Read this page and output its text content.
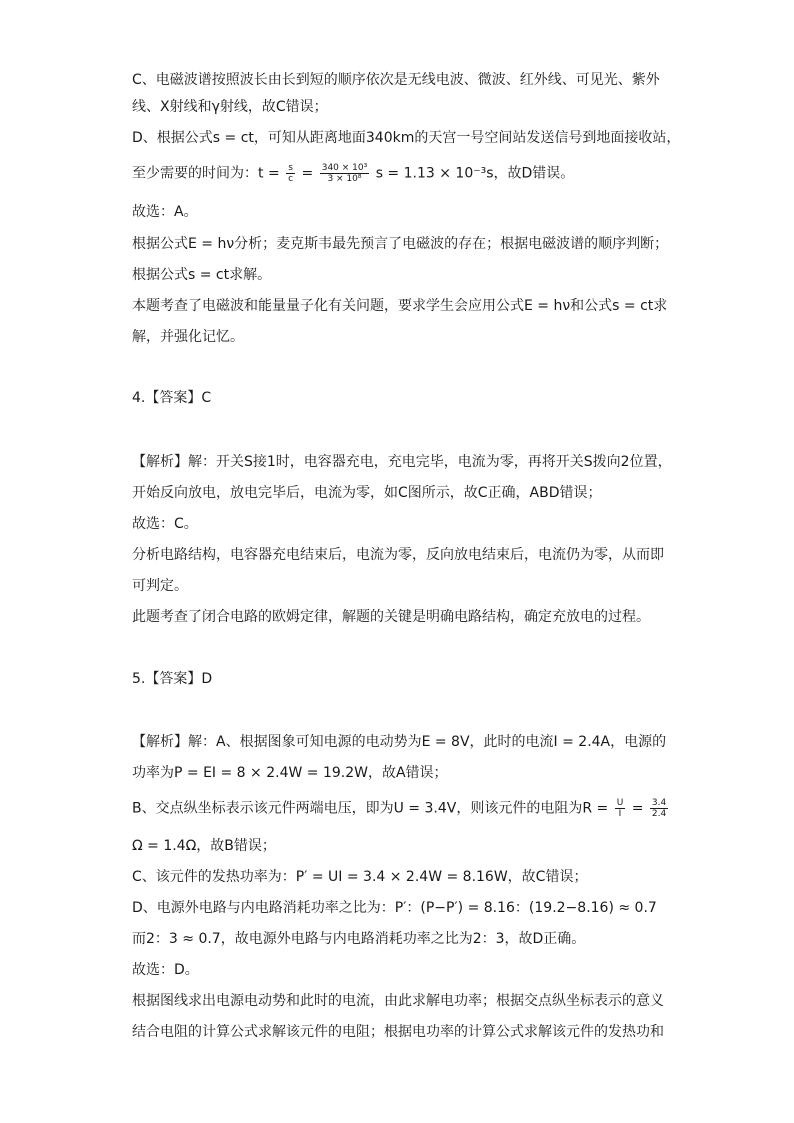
C、电磁波谱按照波长由长到短的顺序依次是无线电波、微波、红外线、可见光、紫外
线、X射线和γ射线，故C错误；
D、根据公式s = ct，可知从距离地面340km的天宫一号空间站发送信号到地面接收站，
至少需要的时间为：$t = \frac{s}{c} = \frac{\text{340 × 10³}}{\text{3 × 10⁸}}$ s = 1.13 × 10⁻³s，故D错误。
故选：A。
根据公式E = hν分析；麦克斯韦最先预言了电磁波的存在；根据电磁波谱的顺序判断；
根据公式s = ct求解。
本题考查了电磁波和能量量子化有关问题，要求学生会应用公式E = hν和公式s = ct求
解，并强化记忆。
4.【答案】C
【解析】解：开关S接1时，电容器充电，充电完毕，电流为零，再将开关S拨向2位置，
开始反向放电，放电完毕后，电流为零，如C图所示，故C正确，ABD错误；
故选：C。
分析电路结构，电容器充电结束后，电流为零，反向放电结束后，电流仍为零，从而即
可判定。
此题考查了闭合电路的欧姆定律，解题的关键是明确电路结构，确定充放电的过程。
5.【答案】D
【解析】解：A、根据图象可知电源的电动势为E = 8V，此时的电流I = 2.4A，电源的
功率为P = EI = 8 × 2.4W = 19.2W，故A错误；
B、交点纵坐标表示该元件两端电压，即为U = 3.4V，则该元件的电阻为$R = \frac{U}{I} = \frac{3.4}{2.4}$
Ω = 1.4Ω，故B错误；
C、该元件的发热功率为：P′ = UI = 3.4 × 2.4W = 8.16W，故C错误；
D、电源外电路与内电路消耗功率之比为：P′：(P−P′) = 8.16：(19.2−8.16) ≈ 0.7
而2：3 ≈ 0.7，故电源外电路与内电路消耗功率之比为2：3，故D正确。
故选：D。
根据图线求出电源电动势和此时的电流，由此求解电功率；根据交点纵坐标表示的意义
结合电阻的计算公式求解该元件的电阻；根据电功率的计算公式求解该元件的发热功和
